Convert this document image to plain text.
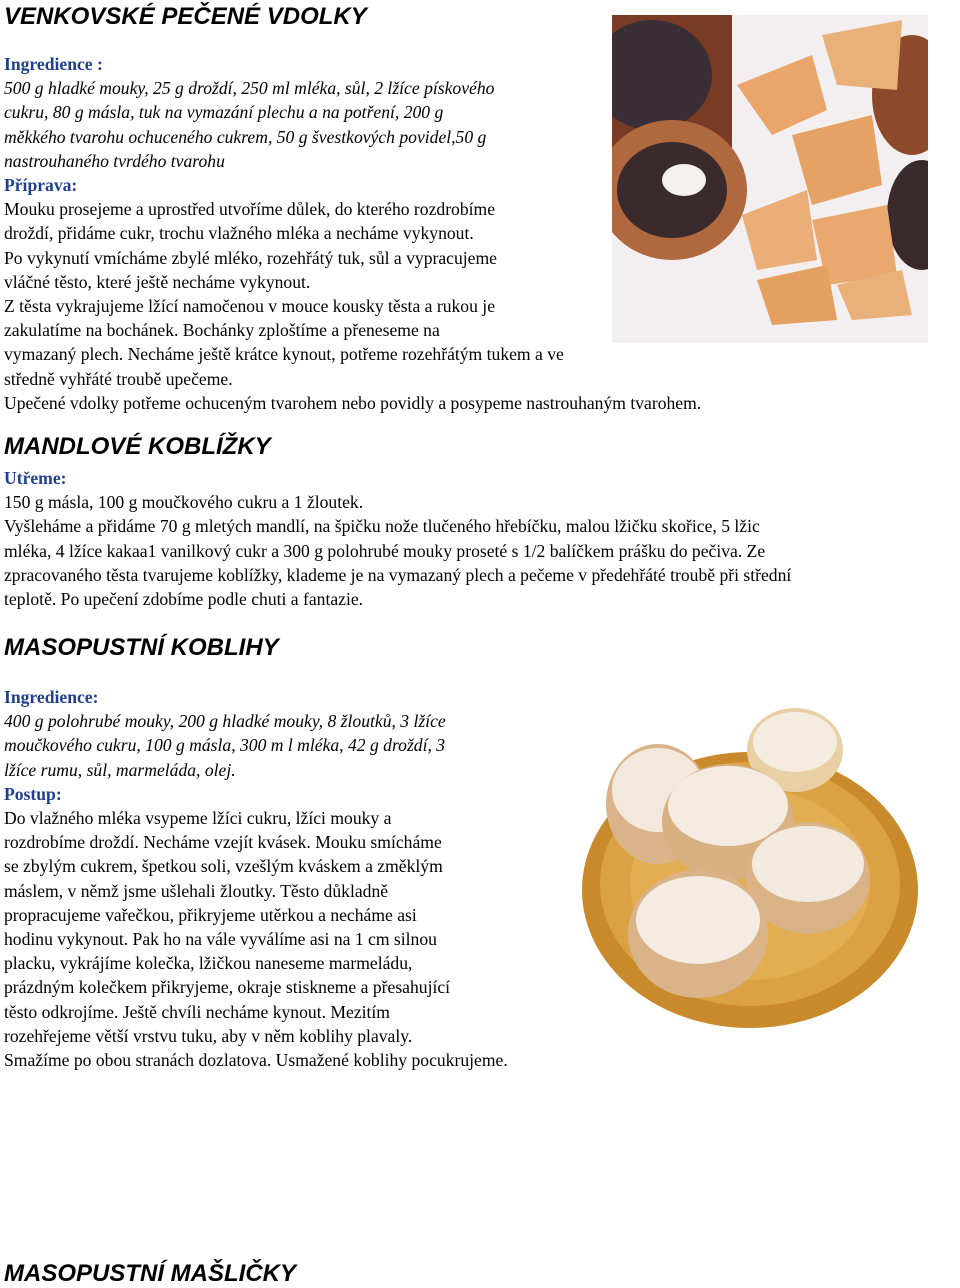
VENKOVSKÉ PEČENÉ VDOLKY
Ingredience :
500 g hladké mouky, 25 g droždí, 250 ml mléka, sůl, 2 lžíce pískového
cukru, 80 g másla, tuk na vymazání plechu a na potření, 200 g
měkkého tvarohu ochuceného cukrem, 50 g švestkových povidel,50 g
nastrouhaného tvrdého tvarohu
Příprava:
Mouku prosejeme a uprostřed utvoříme důlek, do kterého rozdrobíme
droždí, přidáme cukr, trochu vlažného mléka a necháme vykynout.
Po vykynutí vmícháme zbylé mléko, rozehřátý tuk, sůl a vypracujeme
vláčné těsto, které ještě necháme vykynout.
Z těsta vykrajujeme lžící namočenou v mouce kousky těsta a rukou je
zakulatíme na bochánek. Bochánky zploštíme a přeneseme na
vymazaný plech. Necháme ještě krátce kynout, potřeme rozehřátým tukem a ve
středně vyhřáté troubě upečeme.
Upečené vdolky potřeme ochuceným tvarohem nebo povidly a posypeme nastrouhaným tvarohem.
MANDLOVÉ KOBLÍŽKY
Utřeme:
150 g másla, 100 g moučkového cukru a 1 žloutek.
Vyšleháme a přidáme 70 g mletých mandlí, na špičku nože tlučeného hřebíčku, malou lžičku skořice, 5 lžic
mléka, 4 lžíce kakaa1 vanilkový cukr a 300 g polohrubé mouky proseté s 1/2 balíčkem prášku do pečiva. Ze
zpracovaného těsta tvarujeme koblížky, klademe je na vymazaný plech a pečeme v předehřáté troubě při střední
teplotě. Po upečení zdobíme podle chuti a fantazie.
MASOPUSTNÍ KOBLIHY
Ingredience:
400 g polohrubé mouky, 200 g hladké mouky, 8 žloutků, 3 lžíce
moučkového cukru, 100 g másla, 300 m l mléka, 42 g droždí, 3
lžíce rumu, sůl, marmeláda, olej.
Postup:
Do vlažného mléka vsypeme lžíci cukru, lžíci mouky a
rozdrobíme droždí. Necháme vzejít kvásek. Mouku smícháme
se zbylým cukrem, špetkou soli, vzešlým kváskem a změklým
máslem, v němž jsme ušlehali žloutky. Těsto důkladně
propracujeme vařečkou, přikryjeme utěrkou a necháme asi
hodinu vykynout. Pak ho na vále vyválíme asi na 1 cm silnou
placku, vykrájíme kolečka, lžičkou naneseme marmeládu,
prázdným kolečkem přikryjeme, okraje stiskneme a přesahující
těsto odkrojíme. Ještě chvíli necháme kynout. Mezitím
rozehřejeme větší vrstvu tuku, aby v něm koblihy plavaly.
Smažíme po obou stranách dozlatova. Usmažené koblihy pocukrujeme.
MASOPUSTNÍ MAŠLIČKY
